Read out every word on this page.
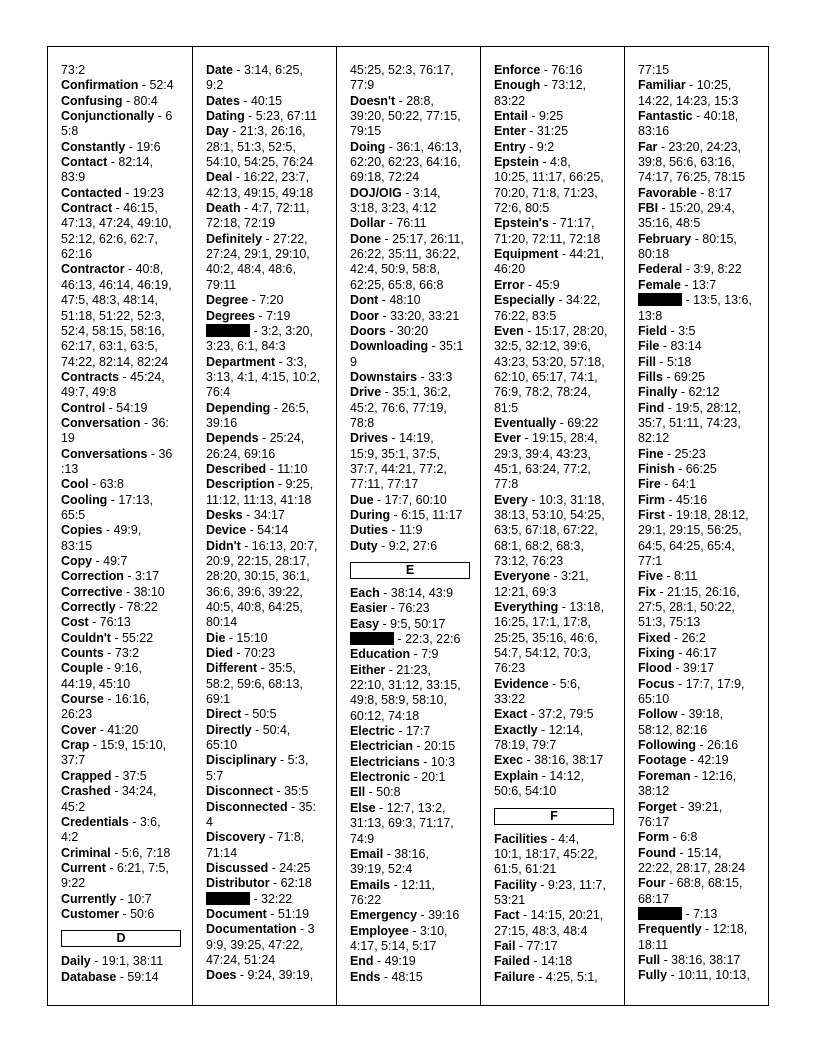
73:2
Confirmation - 52:4
Confusing - 80:4
Conjunctionally - 6
5:8
Constantly - 19:6
Contact - 82:14,
83:9
Contacted - 19:23
Contract - 46:15,
47:13, 47:24, 49:10,
52:12, 62:6, 62:7,
62:16
Contractor - 40:8,
46:13, 46:14, 46:19,
47:5, 48:3, 48:14,
51:18, 51:22, 52:3,
52:4, 58:15, 58:16,
62:17, 63:1, 63:5,
74:22, 82:14, 82:24
Contracts - 45:24,
49:7, 49:8
Control - 54:19
Conversation - 36:
19
Conversations - 36
:13
Cool - 63:8
Cooling - 17:13,
65:5
Copies - 49:9,
83:15
Copy - 49:7
Correction - 3:17
Corrective - 38:10
Correctly - 78:22
Cost - 76:13
Couldn't - 55:22
Counts - 73:2
Couple - 9:16,
44:19, 45:10
Course - 16:16,
26:23
Cover - 41:20
Crap - 15:9, 15:10,
37:7
Crapped - 37:5
Crashed - 34:24,
45:2
Credentials - 3:6,
4:2
Criminal - 5:6, 7:18
Current - 6:21, 7:5,
9:22
Currently - 10:7
Customer - 50:6
D
Daily - 19:1, 38:11
Database - 59:14
Date - 3:14, 6:25,
9:2
Dates - 40:15
Dating - 5:23, 67:11
Day - 21:3, 26:16,
28:1, 51:3, 52:5,
54:10, 54:25, 76:24
Deal - 16:22, 23:7,
42:13, 49:15, 49:18
Death - 4:7, 72:11,
72:18, 72:19
Definitely - 27:22,
27:24, 29:1, 29:10,
40:2, 48:4, 48:6,
79:11
Degree - 7:20
Degrees - 7:19
- 3:2, 3:20,
3:23, 6:1, 84:3
Department - 3:3,
3:13, 4:1, 4:15, 10:2,
76:4
Depending - 26:5,
39:16
Depends - 25:24,
26:24, 69:16
Described - 11:10
Description - 9:25,
11:12, 11:13, 41:18
Desks - 34:17
Device - 54:14
Didn't - 16:13, 20:7,
20:9, 22:15, 28:17,
28:20, 30:15, 36:1,
36:6, 39:6, 39:22,
40:5, 40:8, 64:25,
80:14
Die - 15:10
Died - 70:23
Different - 35:5,
58:2, 59:6, 68:13,
69:1
Direct - 50:5
Directly - 50:4,
65:10
Disciplinary - 5:3,
5:7
Disconnect - 35:5
Disconnected - 35:
4
Discovery - 71:8,
71:14
Discussed - 24:25
Distributor - 62:18
- 32:22
Document - 51:19
Documentation - 3
9:9, 39:25, 47:22,
47:24, 51:24
Does - 9:24, 39:19,
45:25, 52:3, 76:17,
77:9
Doesn't - 28:8,
39:20, 50:22, 77:15,
79:15
Doing - 36:1, 46:13,
62:20, 62:23, 64:16,
69:18, 72:24
DOJ/OIG - 3:14,
3:18, 3:23, 4:12
Dollar - 76:11
Done - 25:17, 26:11,
26:22, 35:11, 36:22,
42:4, 50:9, 58:8,
62:25, 65:8, 66:8
Dont - 48:10
Door - 33:20, 33:21
Doors - 30:20
Downloading - 35:1
9
Downstairs - 33:3
Drive - 35:1, 36:2,
45:2, 76:6, 77:19,
78:8
Drives - 14:19,
15:9, 35:1, 37:5,
37:7, 44:21, 77:2,
77:11, 77:17
Due - 17:7, 60:10
During - 6:15, 11:17
Duties - 11:9
Duty - 9:2, 27:6
E
Each - 38:14, 43:9
Easier - 76:23
Easy - 9:5, 50:17
- 22:3, 22:6
Education - 7:9
Either - 21:23,
22:10, 31:12, 33:15,
49:8, 58:9, 58:10,
60:12, 74:18
Electric - 17:7
Electrician - 20:15
Electricians - 10:3
Electronic - 20:1
Ell - 50:8
Else - 12:7, 13:2,
31:13, 69:3, 71:17,
74:9
Email - 38:16,
39:19, 52:4
Emails - 12:11,
76:22
Emergency - 39:16
Employee - 3:10,
4:17, 5:14, 5:17
End - 49:19
Ends - 48:15
Enforce - 76:16
Enough - 73:12,
83:22
Entail - 9:25
Enter - 31:25
Entry - 9:2
Epstein - 4:8,
10:25, 11:17, 66:25,
70:20, 71:8, 71:23,
72:6, 80:5
Epstein's - 71:17,
71:20, 72:11, 72:18
Equipment - 44:21,
46:20
Error - 45:9
Especially - 34:22,
76:22, 83:5
Even - 15:17, 28:20,
32:5, 32:12, 39:6,
43:23, 53:20, 57:18,
62:10, 65:17, 74:1,
76:9, 78:2, 78:24,
81:5
Eventually - 69:22
Ever - 19:15, 28:4,
29:3, 39:4, 43:23,
45:1, 63:24, 77:2,
77:8
Every - 10:3, 31:18,
38:13, 53:10, 54:25,
63:5, 67:18, 67:22,
68:1, 68:2, 68:3,
73:12, 76:23
Everyone - 3:21,
12:21, 69:3
Everything - 13:18,
16:25, 17:1, 17:8,
25:25, 35:16, 46:6,
54:7, 54:12, 70:3,
76:23
Evidence - 5:6,
33:22
Exact - 37:2, 79:5
Exactly - 12:14,
78:19, 79:7
Exec - 38:16, 38:17
Explain - 14:12,
50:6, 54:10
F
Facilities - 4:4,
10:1, 18:17, 45:22,
61:5, 61:21
Facility - 9:23, 11:7,
53:21
Fact - 14:15, 20:21,
27:15, 48:3, 48:4
Fail - 77:17
Failed - 14:18
Failure - 4:25, 5:1,
77:15
Familiar - 10:25,
14:22, 14:23, 15:3
Fantastic - 40:18,
83:16
Far - 23:20, 24:23,
39:8, 56:6, 63:16,
74:17, 76:25, 78:15
Favorable - 8:17
FBI - 15:20, 29:4,
35:16, 48:5
February - 80:15,
80:18
Federal - 3:9, 8:22
Female - 13:7
- 13:5, 13:6,
13:8
Field - 3:5
File - 83:14
Fill - 5:18
Fills - 69:25
Finally - 62:12
Find - 19:5, 28:12,
35:7, 51:11, 74:23,
82:12
Fine - 25:23
Finish - 66:25
Fire - 64:1
Firm - 45:16
First - 19:18, 28:12,
29:1, 29:15, 56:25,
64:5, 64:25, 65:4,
77:1
Five - 8:11
Fix - 21:15, 26:16,
27:5, 28:1, 50:22,
51:3, 75:13
Fixed - 26:2
Fixing - 46:17
Flood - 39:17
Focus - 17:7, 17:9,
65:10
Follow - 39:18,
58:12, 82:16
Following - 26:16
Footage - 42:19
Foreman - 12:16,
38:12
Forget - 39:21,
76:17
Form - 6:8
Found - 15:14,
22:22, 28:17, 28:24
Four - 68:8, 68:15,
68:17
- 7:13
Frequently - 12:18,
18:11
Full - 38:16, 38:17
Fully - 10:11, 10:13,
